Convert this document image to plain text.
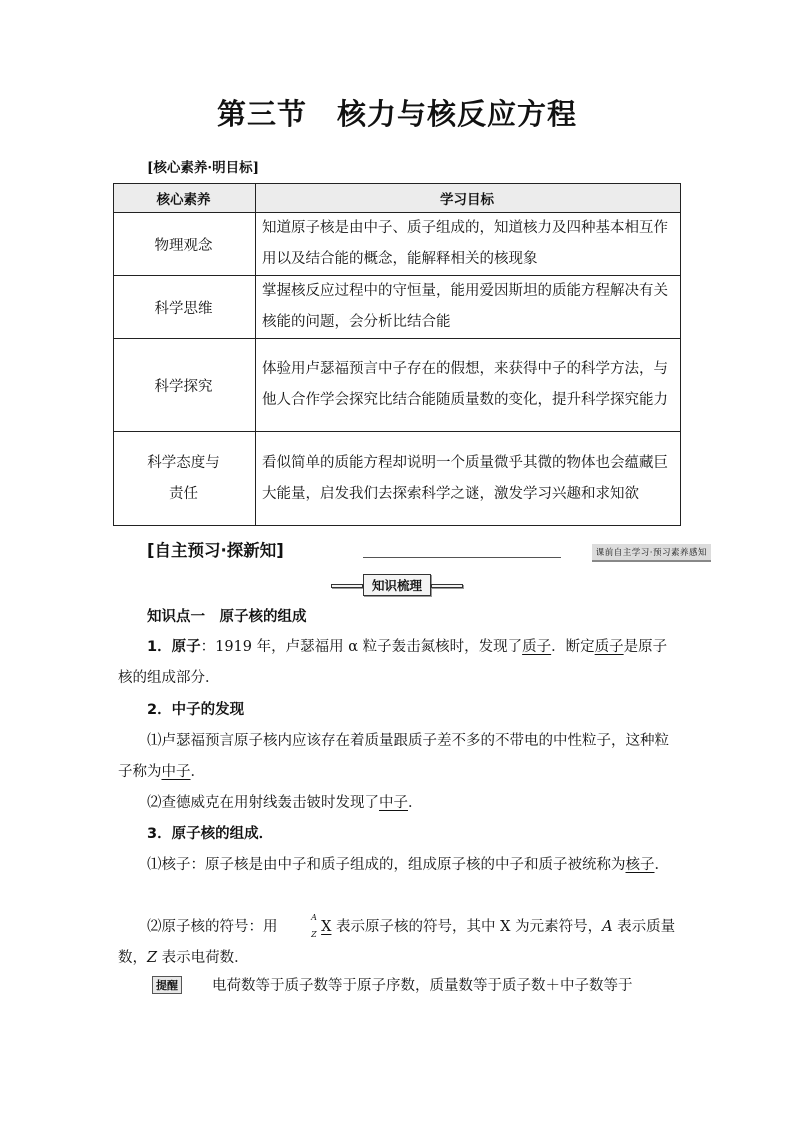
第三节 核力与核反应方程
[核心素养·明目标]
核心素养	学习目标
物理观念	知道原子核是由中子、质子组成的，知道核力及四种基本相互作用以及结合能的概念，能解释相关的核现象
科学思维	掌握核反应过程中的守恒量，能用爱因斯坦的质能方程解决有关核能的问题，会分析比结合能
科学探究	体验用卢瑟福预言中子存在的假想，来获得中子的科学方法，与他人合作学会探究比结合能随质量数的变化，提升科学探究能力
科学态度与责任	看似简单的质能方程却说明一个质量微乎其微的物体也会蕴藏巨大能量，启发我们去探索科学之谜，激发学习兴趣和求知欲
[自主预习·探新知]	课前自主学习·预习素养感知
知识梳理
知识点一　原子核的组成
1．原子：1919 年，卢瑟福用 α 粒子轰击氮核时，发现了质子．断定质子是原子核的组成部分．
2．中子的发现
⑴卢瑟福预言原子核内应该存在着质量跟质子差不多的不带电的中性粒子，这种粒子称为中子．
⑵查德威克在用射线轰击铍时发现了中子．
3．原子核的组成．
⑴核子：原子核是由中子和质子组成的，组成原子核的中子和质子被统称为核子．
⑵原子核的符号：用
A
Z X 表示原子核的符号，其中 X 为元素符号，A 表示质量数，Z 表示电荷数．
提醒 电荷数等于质子数等于原子序数，质量数等于质子数＋中子数等于
